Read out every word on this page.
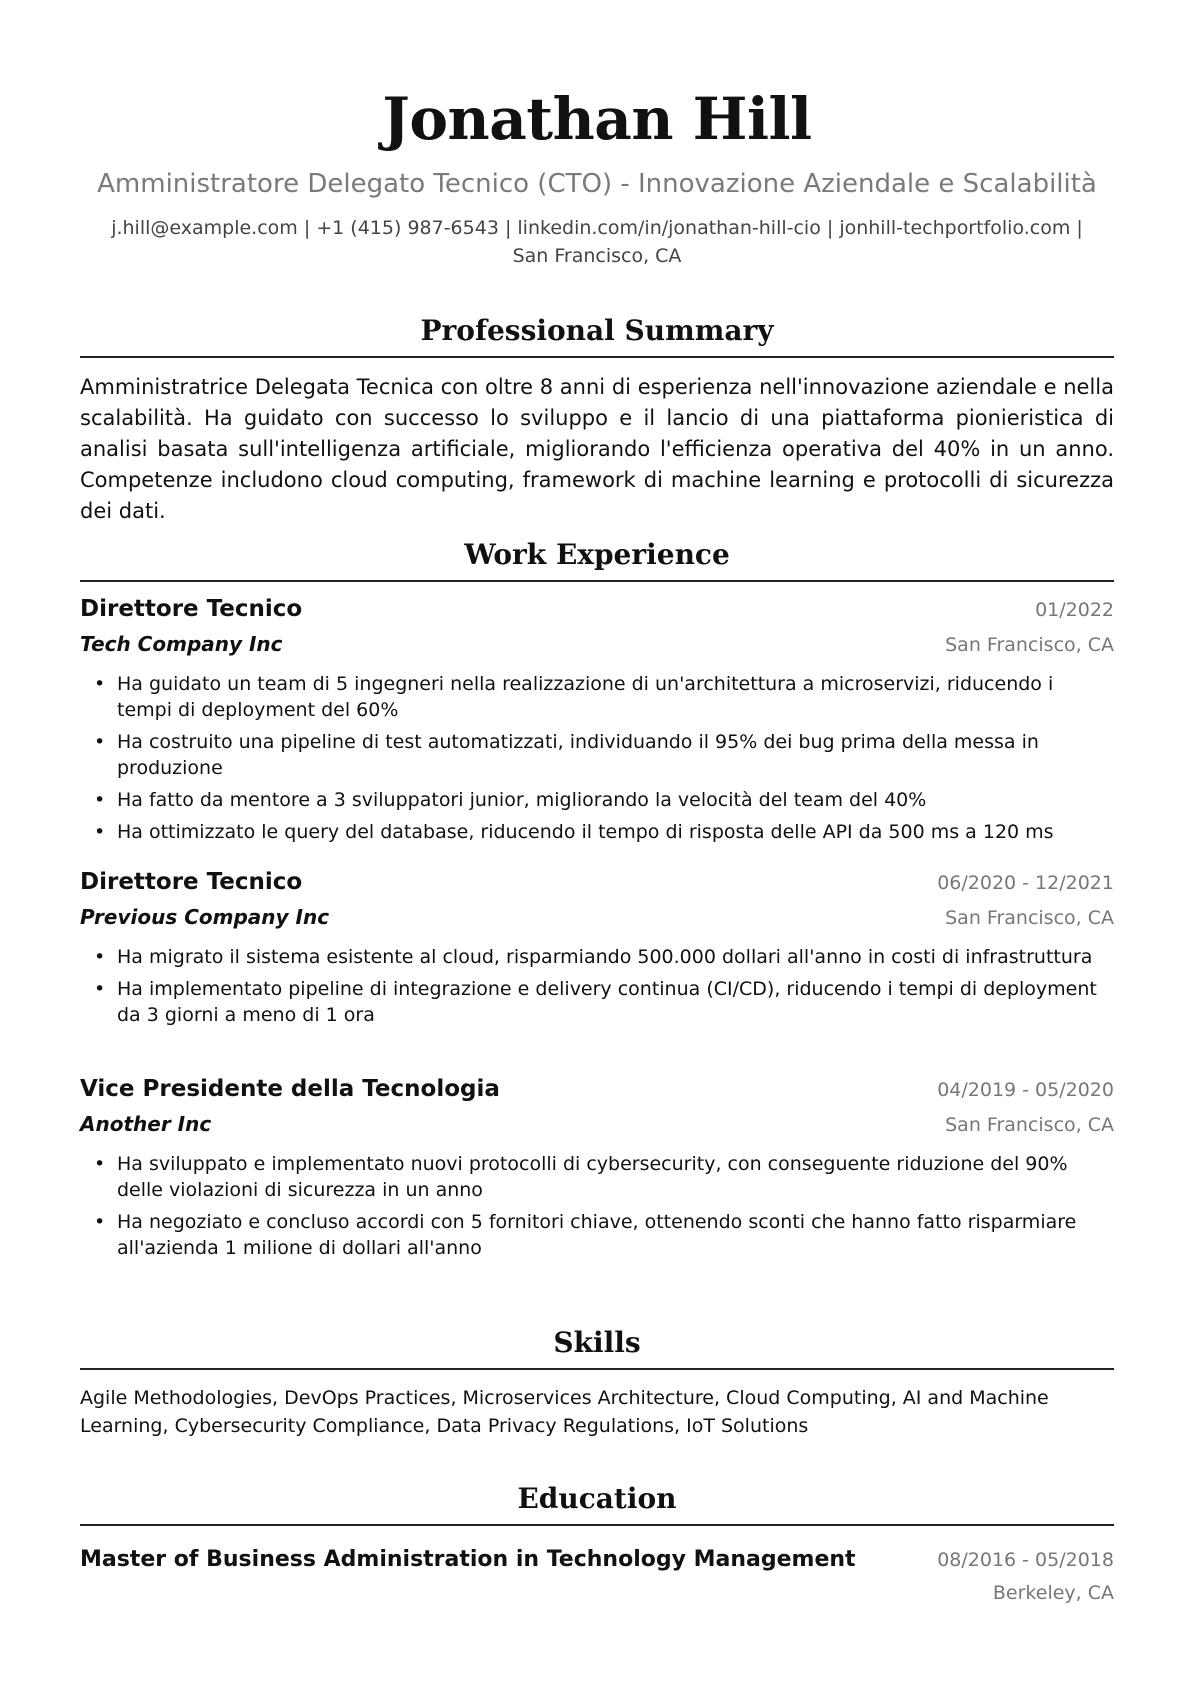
Jonathan Hill
Amministratore Delegato Tecnico (CTO) - Innovazione Aziendale e Scalabilità
j.hill@example.com | +1 (415) 987-6543 | linkedin.com/in/jonathan-hill-cio | jonhill-techportfolio.com | San Francisco, CA
Professional Summary
Amministratrice Delegata Tecnica con oltre 8 anni di esperienza nell'innovazione aziendale e nella scalabilità. Ha guidato con successo lo sviluppo e il lancio di una piattaforma pionieristica di analisi basata sull'intelligenza artificiale, migliorando l'efficienza operativa del 40% in un anno. Competenze includono cloud computing, framework di machine learning e protocolli di sicurezza dei dati.
Work Experience
Direttore Tecnico	01/2022
Tech Company Inc	San Francisco, CA
• Ha guidato un team di 5 ingegneri nella realizzazione di un'architettura a microservizi, riducendo i tempi di deployment del 60%
• Ha costruito una pipeline di test automatizzati, individuando il 95% dei bug prima della messa in produzione
• Ha fatto da mentore a 3 sviluppatori junior, migliorando la velocità del team del 40%
• Ha ottimizzato le query del database, riducendo il tempo di risposta delle API da 500 ms a 120 ms
Direttore Tecnico	06/2020 - 12/2021
Previous Company Inc	San Francisco, CA
• Ha migrato il sistema esistente al cloud, risparmiando 500.000 dollari all'anno in costi di infrastruttura
• Ha implementato pipeline di integrazione e delivery continua (CI/CD), riducendo i tempi di deployment da 3 giorni a meno di 1 ora
Vice Presidente della Tecnologia	04/2019 - 05/2020
Another Inc	San Francisco, CA
• Ha sviluppato e implementato nuovi protocolli di cybersecurity, con conseguente riduzione del 90% delle violazioni di sicurezza in un anno
• Ha negoziato e concluso accordi con 5 fornitori chiave, ottenendo sconti che hanno fatto risparmiare all'azienda 1 milione di dollari all'anno
Skills
Agile Methodologies, DevOps Practices, Microservices Architecture, Cloud Computing, AI and Machine Learning, Cybersecurity Compliance, Data Privacy Regulations, IoT Solutions
Education
Master of Business Administration in Technology Management	08/2016 - 05/2018
Berkeley, CA
